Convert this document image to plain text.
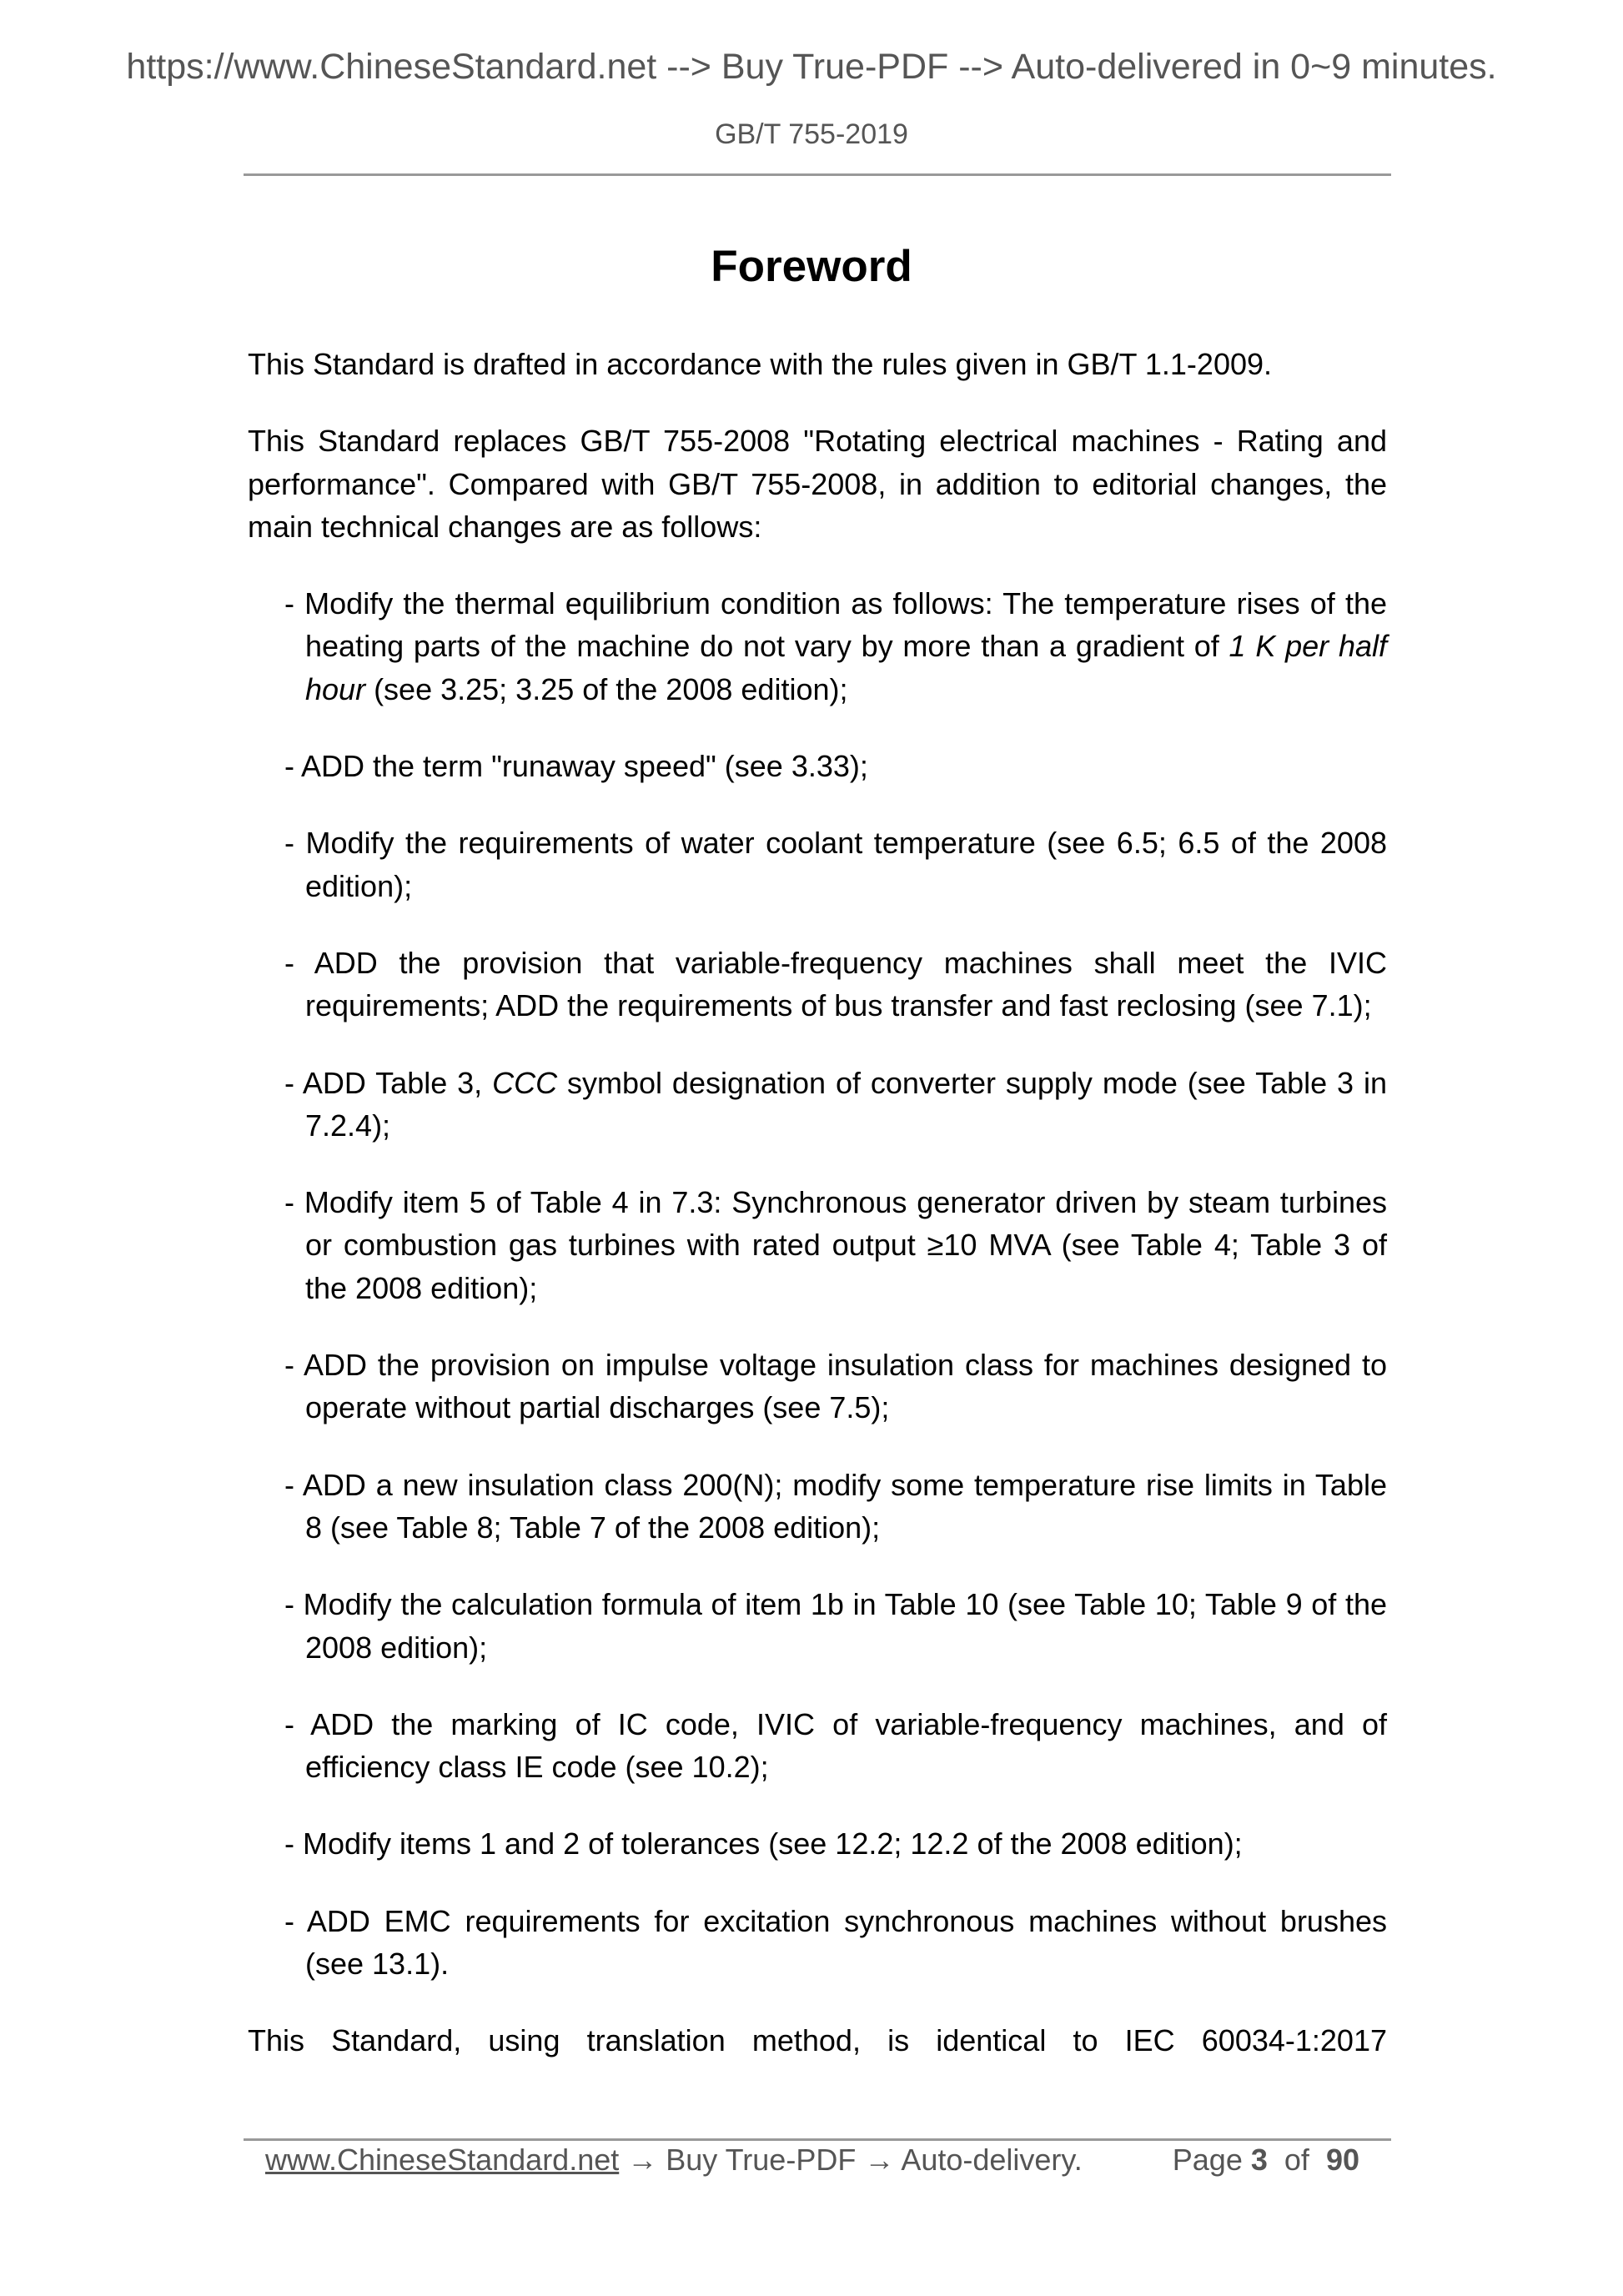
https://www.ChineseStandard.net --> Buy True-PDF --> Auto-delivered in 0~9 minutes.
GB/T 755-2019
Foreword

This Standard is drafted in accordance with the rules given in GB/T 1.1-2009.

This Standard replaces GB/T 755-2008 "Rotating electrical machines - Rating and performance". Compared with GB/T 755-2008, in addition to editorial changes, the main technical changes are as follows:

- Modify the thermal equilibrium condition as follows: The temperature rises of the heating parts of the machine do not vary by more than a gradient of 1 K per half hour (see 3.25; 3.25 of the 2008 edition);

- ADD the term "runaway speed" (see 3.33);

- Modify the requirements of water coolant temperature (see 6.5; 6.5 of the 2008 edition);

- ADD the provision that variable-frequency machines shall meet the IVIC requirements; ADD the requirements of bus transfer and fast reclosing (see 7.1);

- ADD Table 3, CCC symbol designation of converter supply mode (see Table 3 in 7.2.4);

- Modify item 5 of Table 4 in 7.3: Synchronous generator driven by steam turbines or combustion gas turbines with rated output ≥10 MVA (see Table 4; Table 3 of the 2008 edition);

- ADD the provision on impulse voltage insulation class for machines designed to operate without partial discharges (see 7.5);

- ADD a new insulation class 200(N); modify some temperature rise limits in Table 8 (see Table 8; Table 7 of the 2008 edition);

- Modify the calculation formula of item 1b in Table 10 (see Table 10; Table 9 of the 2008 edition);

- ADD the marking of IC code, IVIC of variable-frequency machines, and of efficiency class IE code (see 10.2);

- Modify items 1 and 2 of tolerances (see 12.2; 12.2 of the 2008 edition);

- ADD EMC requirements for excitation synchronous machines without brushes (see 13.1).

This Standard, using translation method, is identical to IEC 60034-1:2017

www.ChineseStandard.net → Buy True-PDF → Auto-delivery.	Page 3 of 90
